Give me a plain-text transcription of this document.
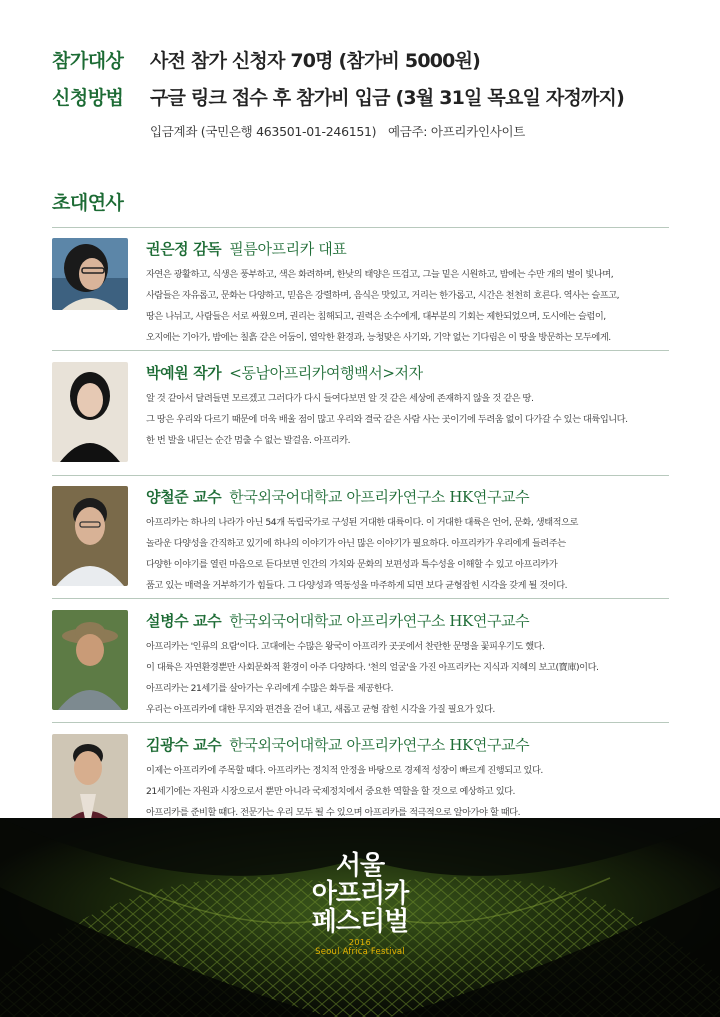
참가대상	사전 참가 신청자 70명 (참가비 5000원)
신청방법	구글 링크 접수 후 참가비 입금 (3월 31일 목요일 자정까지)
입금계좌 (국민은행 463501-01-246151) 예금주: 아프리카인사이트
초대연사
권은정 감독 필름아프리카 대표
자연은 광활하고, 식생은 풍부하고, 색은 화려하며, 한낮의 태양은 뜨겁고, 그늘 밑은 시원하고, 밤에는 수만 개의 별이 빛나며,
사람들은 자유롭고, 문화는 다양하고, 믿음은 강렬하며, 음식은 맛있고, 거리는 한가롭고, 시간은 천천히 흐른다. 역사는 슬프고,
땅은 나뉘고, 사람들은 서로 싸웠으며, 권리는 침해되고, 권력은 소수에게, 대부분의 기회는 제한되었으며, 도시에는 슬럼이,
오지에는 기아가, 밤에는 칠흙 같은 어둠이, 열악한 환경과, 능청맞은 사기와, 기약 없는 기다림은 이 땅을 방문하는 모두에게.
박예원 작가 <동남아프리카여행백서>저자
알 것 같아서 달려들면 모르겠고 그러다가 다시 들여다보면 알 것 같은 세상에 존재하지 않을 것 같은 땅.
그 땅은 우리와 다르기 때문에 더욱 배울 점이 많고 우리와 결국 같은 사람 사는 곳이기에 두려움 없이 다가갈 수 있는 대륙입니다.
한 번 발을 내딛는 순간 멈출 수 없는 발걸음. 아프리카.
양철준 교수 한국외국어대학교 아프리카연구소 HK연구교수
아프리카는 하나의 나라가 아닌 54개 독립국가로 구성된 거대한 대륙이다. 이 거대한 대륙은 언어, 문화, 생태적으로
놀라운 다양성을 간직하고 있기에 하나의 이야기가 아닌 많은 이야기가 필요하다. 아프리카가 우리에게 들려주는
다양한 이야기를 열린 마음으로 듣다보면 인간의 가치와 문화의 보편성과 특수성을 이해할 수 있고 아프리카가
품고 있는 매력을 거부하기가 힘들다. 그 다양성과 역동성을 마주하게 되면 보다 균형잡힌 시각을 갖게 될 것이다.
설병수 교수 한국외국어대학교 아프리카연구소 HK연구교수
아프리카는 '인류의 요람'이다. 고대에는 수많은 왕국이 아프리카 곳곳에서 찬란한 문명을 꽃피우기도 했다.
이 대륙은 자연환경뿐만 사회문화적 환경이 아주 다양하다. '천의 얼굴'을 가진 아프리카는 지식과 지혜의 보고(寶庫)이다.
아프리카는 21세기를 살아가는 우리에게 수많은 화두를 제공한다.
우리는 아프리카에 대한 무지와 편견을 걷어 내고, 새롭고 균형 잡힌 시각을 가질 필요가 있다.
김광수 교수 한국외국어대학교 아프리카연구소 HK연구교수
이제는 아프리카에 주목할 때다. 아프리카는 정치적 안정을 바탕으로 경제적 성장이 빠르게 진행되고 있다.
21세기에는 자원과 시장으로서 뿐만 아니라 국제정치에서 중요한 역할을 할 것으로 예상하고 있다.
아프리카를 준비할 때다. 전문가는 우리 모두 될 수 있으며 아프리카를 적극적으로 알아가야 할 때다.
서울
아프리카
페스티벌
2016
Seoul Africa Festival
